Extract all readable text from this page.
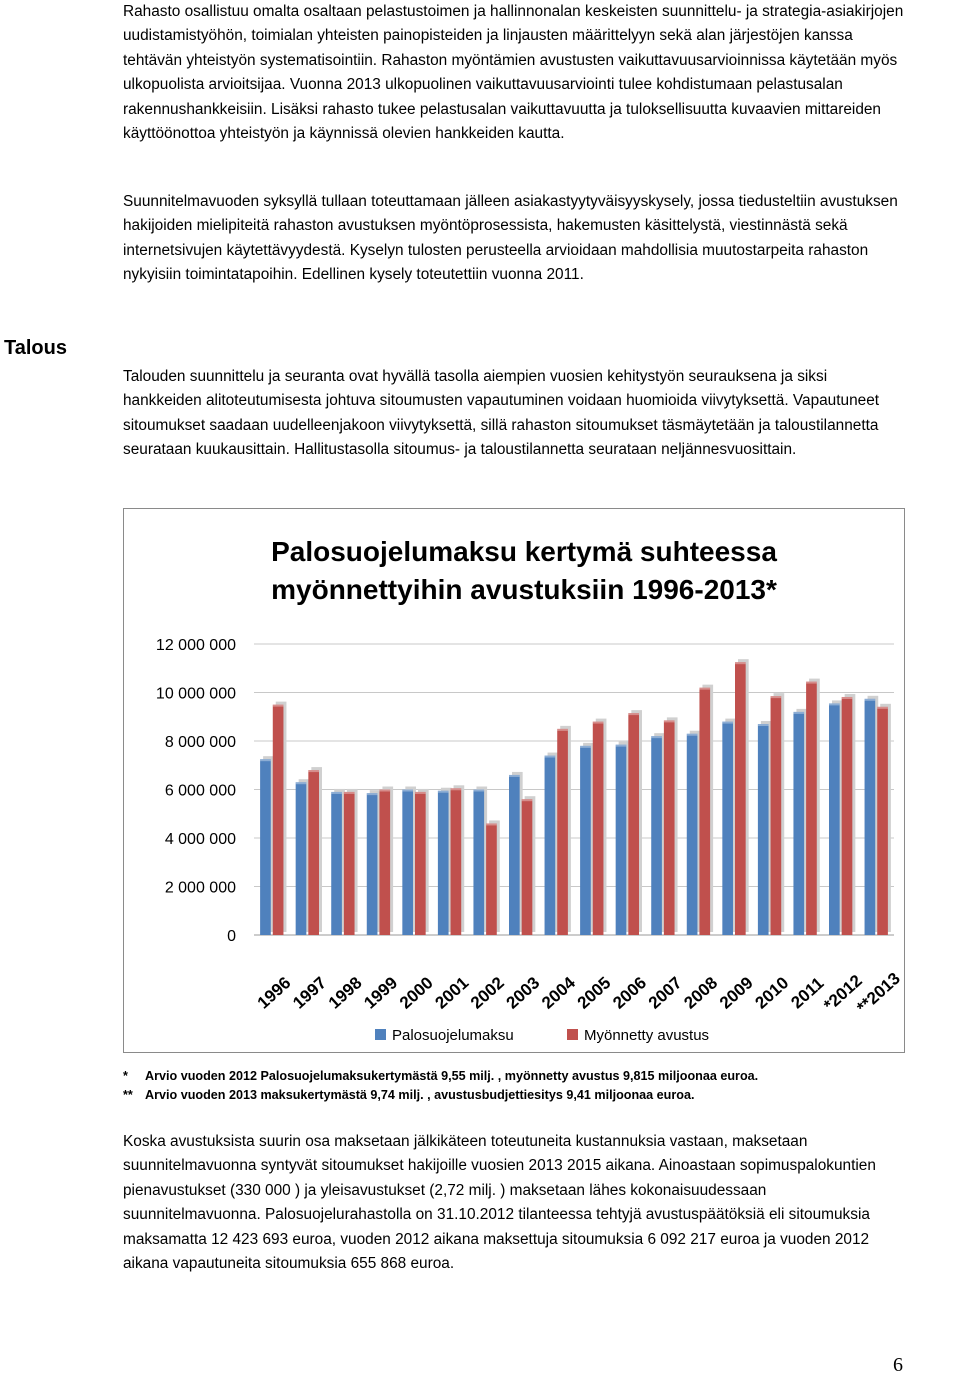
Rahasto osallistuu omalta osaltaan pelastustoimen ja hallinnonalan keskeisten suunnittelu- ja strategia-asiakirjojen uudistamistyöhön, toimialan yhteisten painopisteiden ja linjausten määrittelyyn sekä alan järjestöjen kanssa tehtävän yhteistyön systematisointiin. Rahaston myöntämien avustusten vaikuttavuusarvioinnissa käytetään myös ulkopuolista arvioitsijaa. Vuonna 2013 ulkopuolinen vaikuttavuusarviointi tulee kohdistumaan pelastusalan rakennushankkeisiin. Lisäksi rahasto tukee pelastusalan vaikuttavuutta ja tuloksellisuutta kuvaavien mittareiden käyttöönottoa yhteistyön ja käynnissä olevien hankkeiden kautta.

Suunnitelmavuoden syksyllä tullaan toteuttamaan jälleen asiakastyytyväisyyskysely, jossa tiedusteltiin avustuksen hakijoiden mielipiteitä rahaston avustuksen myöntöprosessista, hakemusten käsittelystä, viestinnästä sekä internetsivujen käytettävyydestä. Kyselyn tulosten perusteella arvioidaan mahdollisia muutostarpeita rahaston nykyisiin toimintatapoihin. Edellinen kysely toteutettiin vuonna 2011.

Talous

Talouden suunnittelu ja seuranta ovat hyvällä tasolla aiempien vuosien kehitystyön seurauksena ja siksi hankkeiden alitoteutumisesta johtuva sitoumusten vapautuminen voidaan huomioida viivytyksettä. Vapautuneet sitoumukset saadaan uudelleenjakoon viivytyksettä, sillä rahaston sitoumukset täsmäytetään ja taloustilannetta seurataan kuukausittain. Hallitustasolla sitoumus- ja taloustilannetta seurataan neljännesvuosittain.

Palosuojelumaksu kertymä suhteessa
myönnettyihin avustuksiin 1996-2013*
0
2 000 000
4 000 000
6 000 000
8 000 000
10 000 000
12 000 000
1996
1997
1998
1999
2000
2001
2002
2003
2004
2005
2006
2007
2008
2009
2010
2011
*2012
**2013
Palosuojelumaksu	Myönnetty avustus
*	Arvio vuoden 2012 Palosuojelumaksukertymästä 9,55 milj. , myönnetty avustus 9,815 miljoonaa euroa.
** Arvio vuoden 2013 maksukertymästä 9,74 milj. , avustusbudjettiesitys 9,41 miljoonaa euroa.

Koska avustuksista suurin osa maksetaan jälkikäteen toteutuneita kustannuksia vastaan, maksetaan suunnitelmavuonna syntyvät sitoumukset hakijoille vuosien 2013 2015 aikana. Ainoastaan sopimuspalokuntien pienavustukset (330 000 ) ja yleisavustukset (2,72 milj. ) maksetaan lähes kokonaisuudessaan suunnitelmavuonna. Palosuojelurahastolla on 31.10.2012 tilanteessa tehtyjä avustuspäätöksiä eli sitoumuksia maksamatta 12 423 693 euroa, vuoden 2012 aikana maksettuja sitoumuksia 6 092 217 euroa ja vuoden 2012 aikana vapautuneita sitoumuksia 655 868 euroa.

6
